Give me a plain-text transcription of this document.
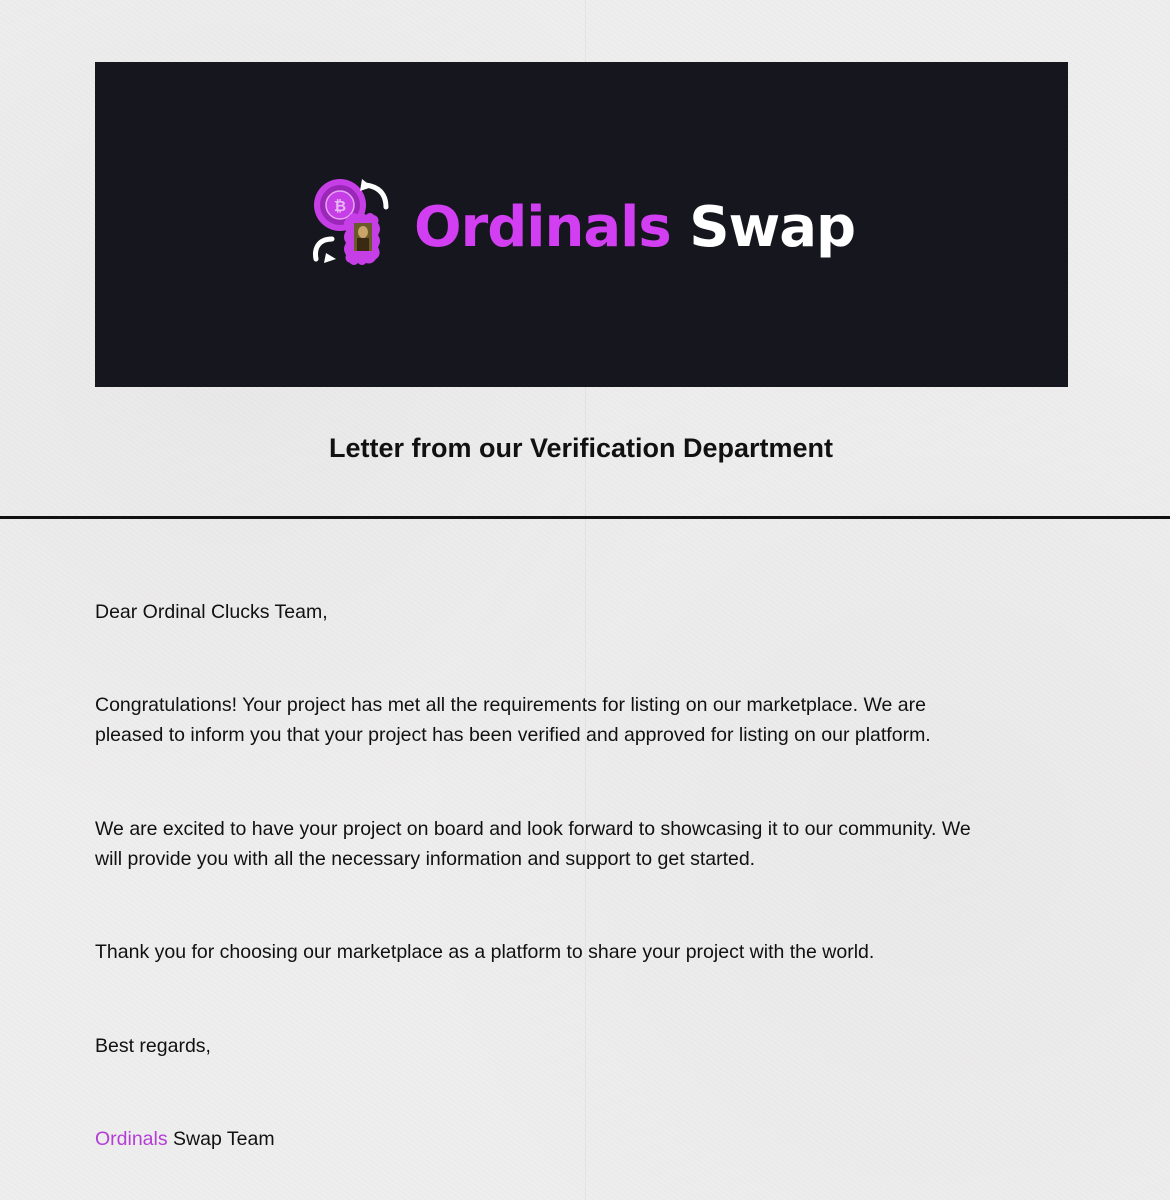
₿ Ordinals Swap
Letter from our Verification Department
Dear Ordinal Clucks Team,
Congratulations! Your project has met all the requirements for listing on our marketplace. We are
pleased to inform you that your project has been verified and approved for listing on our platform.
We are excited to have your project on board and look forward to showcasing it to our community. We
will provide you with all the necessary information and support to get started.
Thank you for choosing our marketplace as a platform to share your project with the world.
Best regards,
Ordinals Swap Team
